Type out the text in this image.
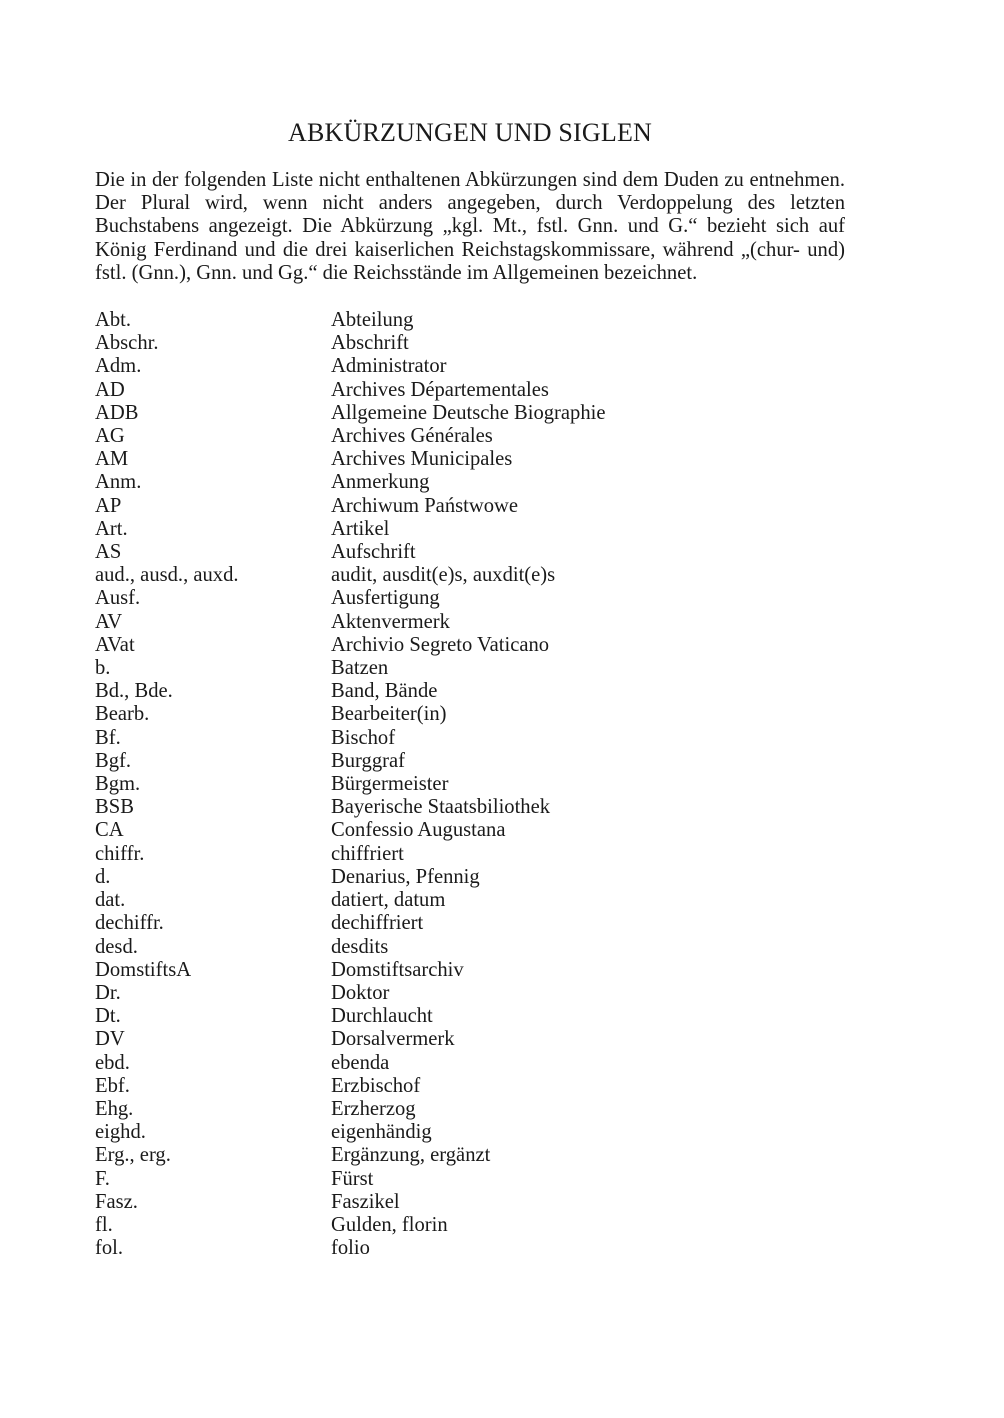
ABKÜRZUNGEN UND SIGLEN

Die in der folgenden Liste nicht enthaltenen Abkürzungen sind dem Duden zu entnehmen. Der Plural wird, wenn nicht anders angegeben, durch Verdoppelung des letzten Buchstabens angezeigt. Die Abkürzung „kgl. Mt., fstl. Gnn. und G.“ bezieht sich auf König Ferdinand und die drei kaiserlichen Reichstagskommissare, während „(chur- und) fstl. (Gnn.), Gnn. und Gg.“ die Reichsstände im Allgemeinen bezeichnet.

Abt.	Abteilung
Abschr.	Abschrift
Adm.	Administrator
AD	Archives Départementales
ADB	Allgemeine Deutsche Biographie
AG	Archives Générales
AM	Archives Municipales
Anm.	Anmerkung
AP	Archiwum Państwowe
Art.	Artikel
AS	Aufschrift
aud., ausd., auxd.	audit, ausdit(e)s, auxdit(e)s
Ausf.	Ausfertigung
AV	Aktenvermerk
AVat	Archivio Segreto Vaticano
b.	Batzen
Bd., Bde.	Band, Bände
Bearb.	Bearbeiter(in)
Bf.	Bischof
Bgf.	Burggraf
Bgm.	Bürgermeister
BSB	Bayerische Staatsbiliothek
CA	Confessio Augustana
chiffr.	chiffriert
d.	Denarius, Pfennig
dat.	datiert, datum
dechiffr.	dechiffriert
desd.	desdits
DomstiftsA	Domstiftsarchiv
Dr.	Doktor
Dt.	Durchlaucht
DV	Dorsalvermerk
ebd.	ebenda
Ebf.	Erzbischof
Ehg.	Erzherzog
eighd.	eigenhändig
Erg., erg.	Ergänzung, ergänzt
F.	Fürst
Fasz.	Faszikel
fl.	Gulden, florin
fol.	folio
